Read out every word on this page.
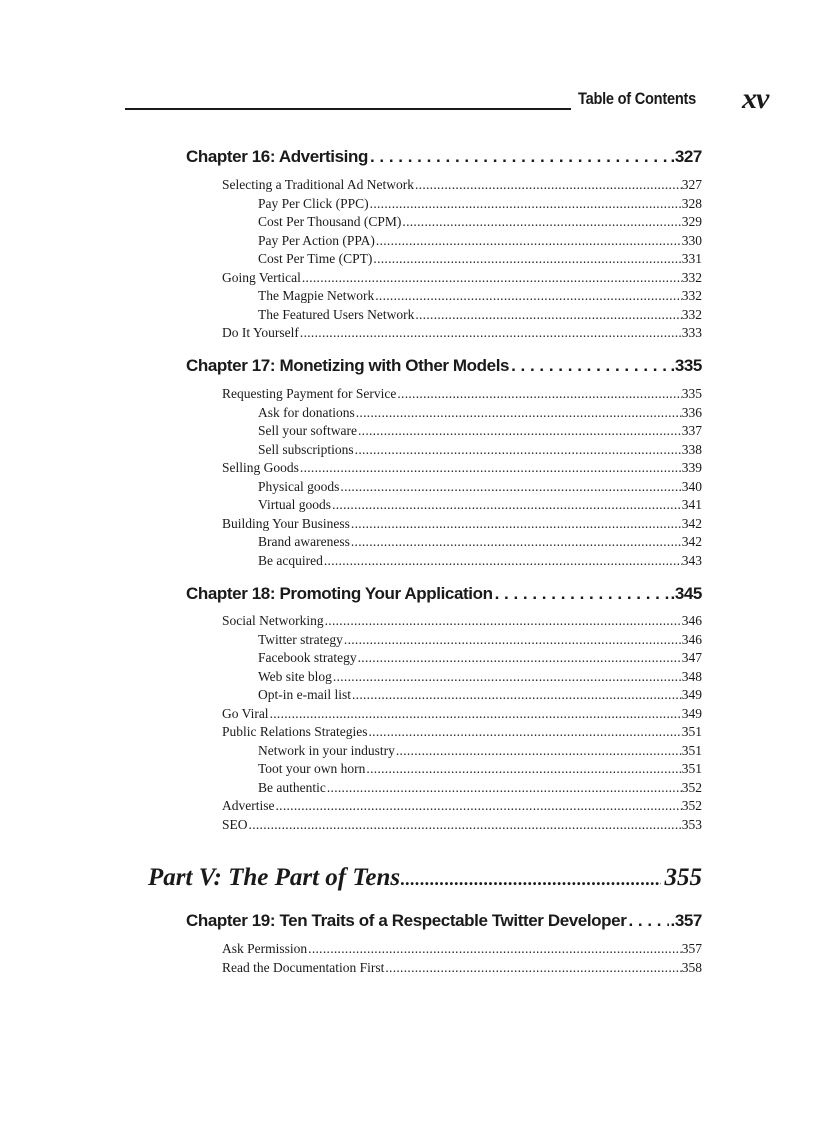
Table of Contents xv
Chapter 16: Advertising . . .	.327
Selecting a Traditional Ad Network .....	327
Pay Per Click (PPC) .....	328
Cost Per Thousand (CPM) .....	329
Pay Per Action (PPA) .....	330
Cost Per Time (CPT) .....	331
Going Vertical .....	332
The Magpie Network .....	332
The Featured Users Network .....	332
Do It Yourself .....	333
Chapter 17: Monetizing with Other Models . . .	.335
Requesting Payment for Service .....	335
Ask for donations .....	336
Sell your software .....	337
Sell subscriptions .....	338
Selling Goods .....	339
Physical goods .....	340
Virtual goods .....	341
Building Your Business .....	342
Brand awareness .....	342
Be acquired .....	343
Chapter 18: Promoting Your Application . . .	.345
Social Networking .....	346
Twitter strategy .....	346
Facebook strategy .....	347
Web site blog .....	348
Opt-in e-mail list .....	349
Go Viral .....	349
Public Relations Strategies .....	351
Network in your industry .....	351
Toot your own horn .....	351
Be authentic .....	352
Advertise .....	352
SEO .....	353
Part V: The Part of Tens .....	355
Chapter 19: Ten Traits of a Respectable Twitter Developer . . .	.357
Ask Permission .....	357
Read the Documentation First .....	358
